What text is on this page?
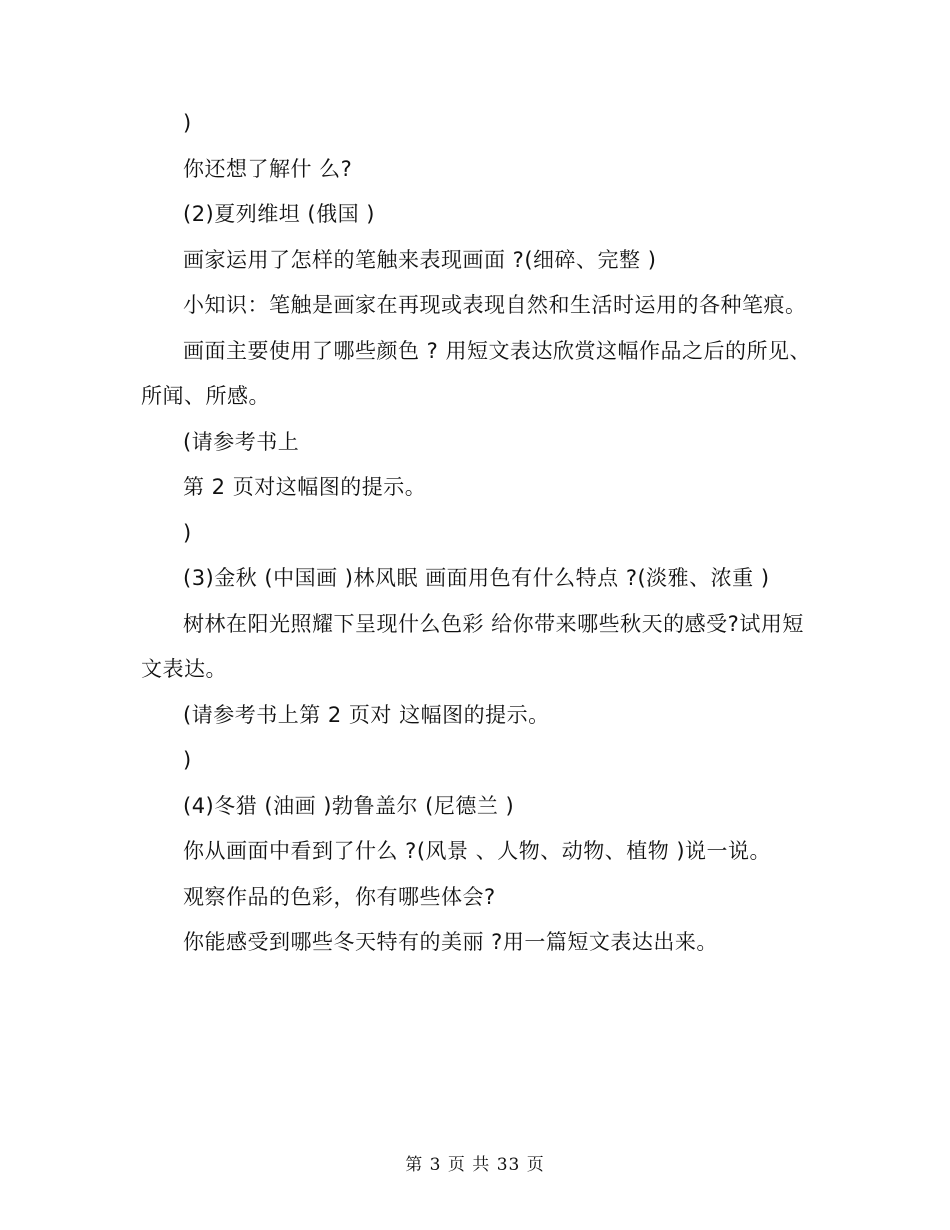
)

你还想了解什 么?

(2)夏列维坦 (俄国 )

画家运用了怎样的笔触来表现画面 ?(细碎、完整 )

小知识：笔触是画家在再现或表现自然和生活时运用的各种笔痕。

画面主要使用了哪些颜色 ? 用短文表达欣赏这幅作品之后的所见、所闻、所感。

(请参考书上

第 2 页对这幅图的提示。

)

(3)金秋 (中国画 )林风眠 画面用色有什么特点 ?(淡雅、浓重 )

树林在阳光照耀下呈现什么色彩 给你带来哪些秋天的感受?试用短文表达。

(请参考书上第 2 页对 这幅图的提示。

)

(4)冬猎 (油画 )勃鲁盖尔 (尼德兰 )

你从画面中看到了什么 ?(风景 、人物、动物、植物 )说一说。

观察作品的色彩，你有哪些体会?

你能感受到哪些冬天特有的美丽 ?用一篇短文表达出来。

第 3 页 共 33 页
